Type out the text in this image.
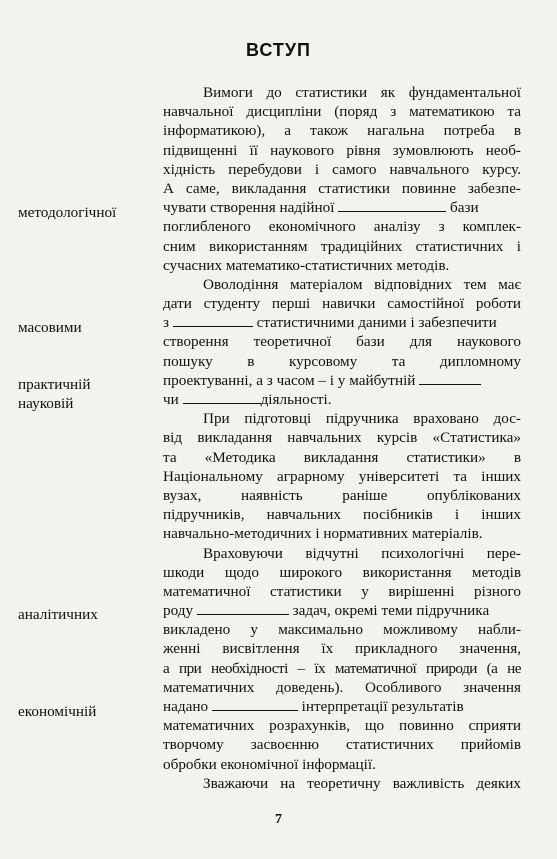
ВСТУП
методологічної
масовими
практичній
науковій
аналітичних
економічній
Вимоги до статистики як фундаментальної
навчальної дисципліни (поряд з математикою та
інформатикою), а також нагальна потреба в
підвищенні її наукового рівня зумовлюють необ-
хідність перебудови і самого навчального курсу.
А саме, викладання статистики повинне забезпе-
чувати створення надійної	бази
поглибленого економічного аналізу з комплек-
сним використанням традиційних статистичних і
сучасних математико-статистичних методів.
Оволодіння матеріалом відповідних тем має
дати студенту перші навички самостійної роботи
з	статистичними даними і забезпечити
створення теоретичної бази для наукового
пошуку в курсовому та дипломному
проектуванні, а з часом – і у майбутній
чи	діяльності.
При підготовці підручника враховано дос-
від викладання навчальних курсів «Статистика»
та «Методика викладання статистики» в
Національному аграрному університеті та інших
вузах, наявність раніше опублікованих
підручників, навчальних посібників і інших
навчально-методичних і нормативних матеріалів.
Враховуючи відчутні психологічні пере-
шкоди щодо широкого використання методів
математичної статистики у вирішенні різного
роду	задач, окремі теми підручника
викладено у максимально можливому набли-
женні висвітлення їх прикладного значення,
а при необхідності – їх математичної природи (а не
математичних доведень). Особливого значення
надано	інтерпретації результатів
математичних розрахунків, що повинно сприяти
творчому засвоєнню статистичних прийомів
обробки економічної інформації.
Зважаючи на теоретичну важливість деяких
7
